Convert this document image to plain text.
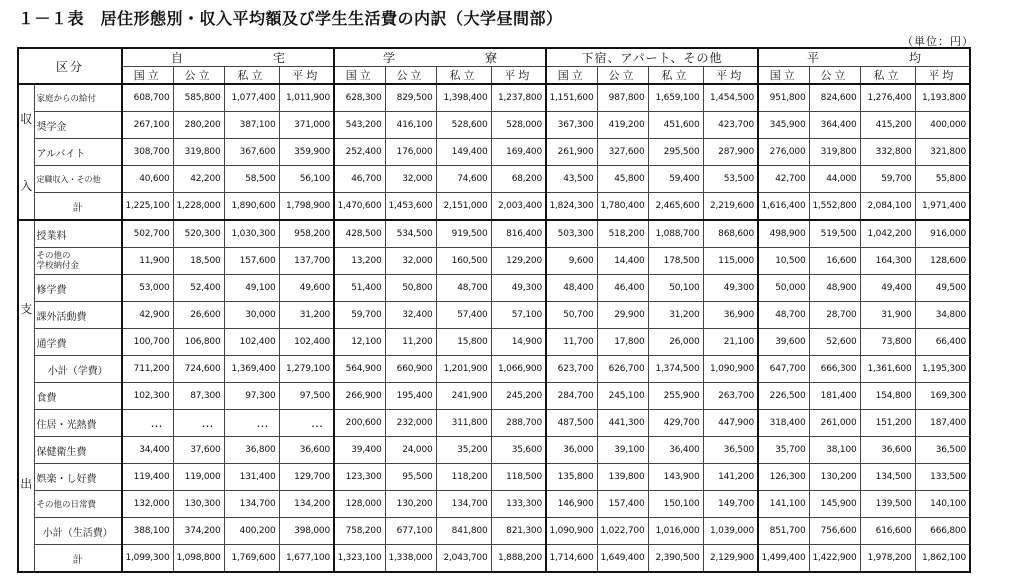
１－１表　居住形態別・収入平均額及び学生生活費の内訳（大学昼間部）
（単位：円）
区分		自宅				学寮				下宿、アパート、その他				平均			
		国立	公立	私立	平均	国立	公立	私立	平均	国立	公立	私立	平均	国立	公立	私立	平均

収
入	家庭からの給付	608,700	585,800	1,077,400	1,011,900	628,300	829,500	1,398,400	1,237,800	1,151,600	987,800	1,659,100	1,454,500	951,800	824,600	1,276,400	1,193,800
	奨学金	267,100	280,200	387,100	371,000	543,200	416,100	528,600	528,000	367,300	419,200	451,600	423,700	345,900	364,400	415,200	400,000
	アルバイト	308,700	319,800	367,600	359,900	252,400	176,000	149,400	169,400	261,900	327,600	295,500	287,900	276,000	319,800	332,800	321,800
	定職収入・その他	40,600	42,200	58,500	56,100	46,700	32,000	74,600	68,200	43,500	45,800	59,400	53,500	42,700	44,000	59,700	55,800
	計	1,225,100	1,228,000	1,890,600	1,798,900	1,470,600	1,453,600	2,151,000	2,003,400	1,824,300	1,780,400	2,465,600	2,219,600	1,616,400	1,552,800	2,084,100	1,971,400

支
出	授業料	502,700	520,300	1,030,300	958,200	428,500	534,500	919,500	816,400	503,300	518,200	1,088,700	868,600	498,900	519,500	1,042,200	916,000
	その他の
学校納付金	11,900	18,500	157,600	137,700	13,200	32,000	160,500	129,200	9,600	14,400	178,500	115,000	10,500	16,600	164,300	128,600
	修学費	53,000	52,400	49,100	49,600	51,400	50,800	48,700	49,300	48,400	46,400	50,100	49,300	50,000	48,900	49,400	49,500
	課外活動費	42,900	26,600	30,000	31,200	59,700	32,400	57,400	57,100	50,700	29,900	31,200	36,900	48,700	28,700	31,900	34,800
	通学費	100,700	106,800	102,400	102,400	12,100	11,200	15,800	14,900	11,700	17,800	26,000	21,100	39,600	52,600	73,800	66,400
	小計（学費）	711,200	724,600	1,369,400	1,279,100	564,900	660,900	1,201,900	1,066,900	623,700	626,700	1,374,500	1,090,900	647,700	666,300	1,361,600	1,195,300
	食費	102,300	87,300	97,300	97,500	266,900	195,400	241,900	245,200	284,700	245,100	255,900	263,700	226,500	181,400	154,800	169,300
	住居・光熱費	…	…	…	…	200,600	232,000	311,800	288,700	487,500	441,300	429,700	447,900	318,400	261,000	151,200	187,400
	保健衛生費	34,400	37,600	36,800	36,600	39,400	24,000	35,200	35,600	36,000	39,100	36,400	36,500	35,700	38,100	36,600	36,500
	娯楽・し好費	119,400	119,000	131,400	129,700	123,300	95,500	118,200	118,500	135,800	139,800	143,900	141,200	126,300	130,200	134,500	133,500
	その他の日常費	132,000	130,300	134,700	134,200	128,000	130,200	134,700	133,300	146,900	157,400	150,100	149,700	141,100	145,900	139,500	140,100
	小計（生活費）	388,100	374,200	400,200	398,000	758,200	677,100	841,800	821,300	1,090,900	1,022,700	1,016,000	1,039,000	851,700	756,600	616,600	666,800
	計	1,099,300	1,098,800	1,769,600	1,677,100	1,323,100	1,338,000	2,043,700	1,888,200	1,714,600	1,649,400	2,390,500	2,129,900	1,499,400	1,422,900	1,978,200	1,862,100
